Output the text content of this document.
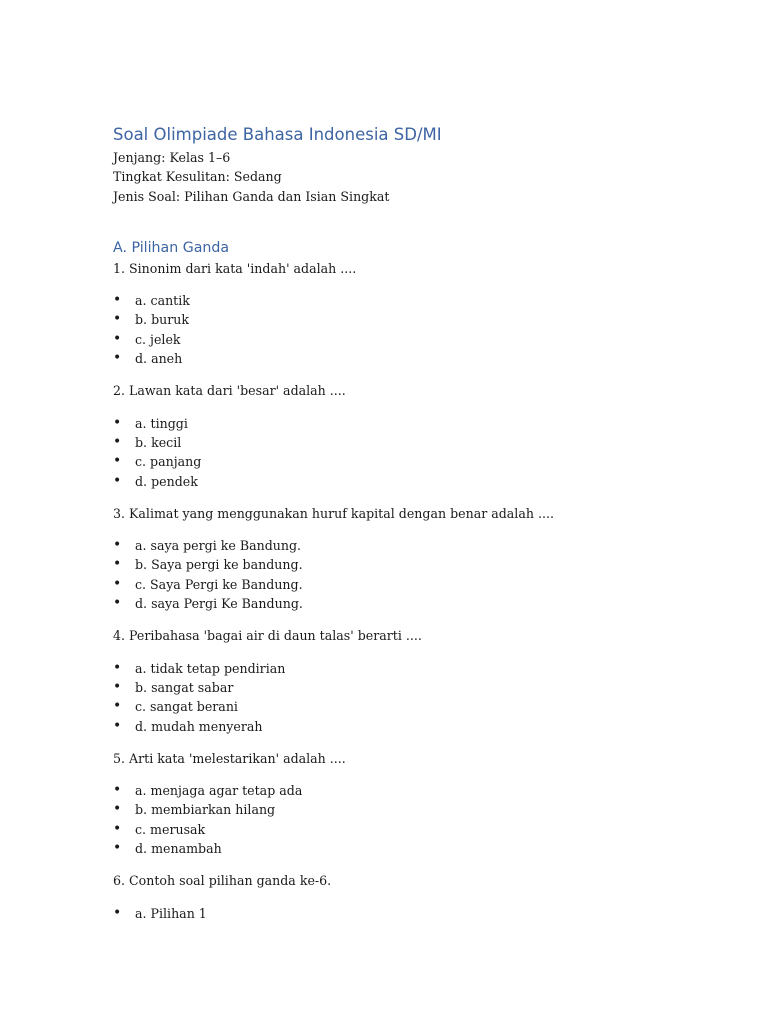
Soal Olimpiade Bahasa Indonesia SD/MI

Jenjang: Kelas 1–6

Tingkat Kesulitan: Sedang

Jenis Soal: Pilihan Ganda dan Isian Singkat

A. Pilihan Ganda

1. Sinonim dari kata 'indah' adalah ....

• a. cantik
• b. buruk
• c. jelek
• d. aneh

2. Lawan kata dari 'besar' adalah ....

• a. tinggi
• b. kecil
• c. panjang
• d. pendek

3. Kalimat yang menggunakan huruf kapital dengan benar adalah ....

• a. saya pergi ke Bandung.
• b. Saya pergi ke bandung.
• c. Saya Pergi ke Bandung.
• d. saya Pergi Ke Bandung.

4. Peribahasa 'bagai air di daun talas' berarti ....

• a. tidak tetap pendirian
• b. sangat sabar
• c. sangat berani
• d. mudah menyerah

5. Arti kata 'melestarikan' adalah ....

• a. menjaga agar tetap ada
• b. membiarkan hilang
• c. merusak
• d. menambah

6. Contoh soal pilihan ganda ke-6.

• a. Pilihan 1
